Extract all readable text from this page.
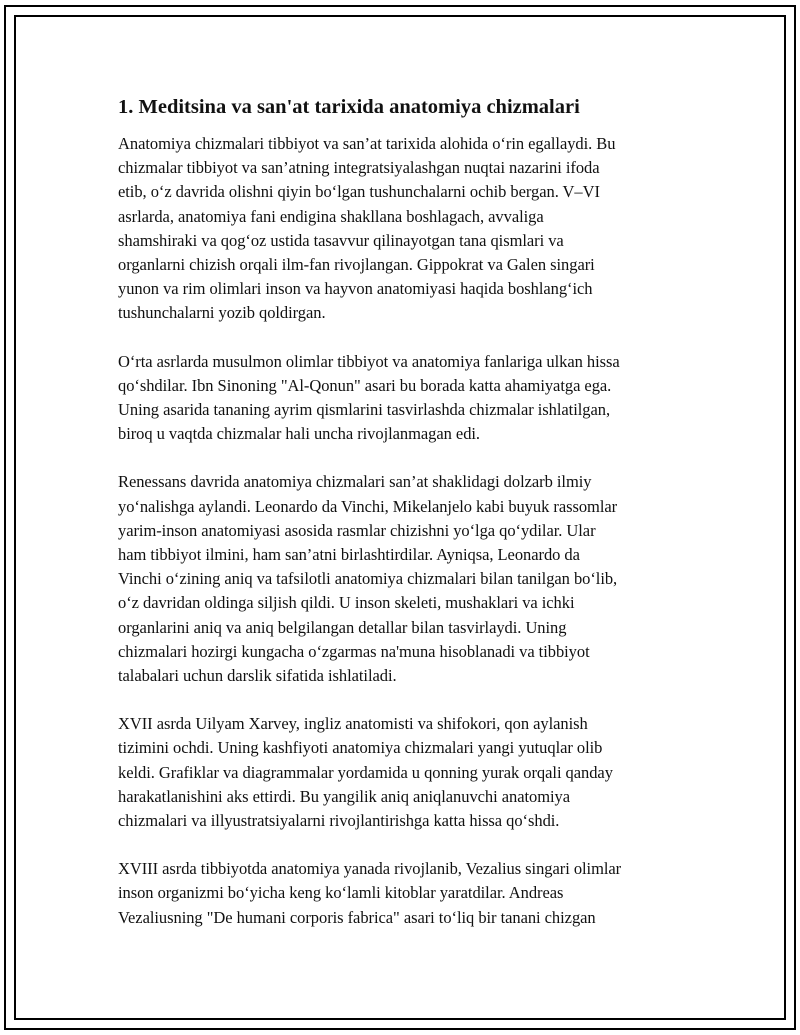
1. Meditsina va san'at tarixida anatomiya chizmalari

Anatomiya chizmalari tibbiyot va san’at tarixida alohida o‘rin egallaydi. Bu
chizmalar tibbiyot va san’atning integratsiyalashgan nuqtai nazarini ifoda
etib, o‘z davrida olishni qiyin bo‘lgan tushunchalarni ochib bergan. V–VI
asrlarda, anatomiya fani endigina shakllana boshlagach, avvaliga
shamshiraki va qog‘oz ustida tasavvur qilinayotgan tana qismlari va
organlarni chizish orqali ilm-fan rivojlangan. Gippokrat va Galen singari
yunon va rim olimlari inson va hayvon anatomiyasi haqida boshlang‘ich
tushunchalarni yozib qoldirgan.

O‘rta asrlarda musulmon olimlar tibbiyot va anatomiya fanlariga ulkan hissa
qo‘shdilar. Ibn Sinoning "Al-Qonun" asari bu borada katta ahamiyatga ega.
Uning asarida tananing ayrim qismlarini tasvirlashda chizmalar ishlatilgan,
biroq u vaqtda chizmalar hali uncha rivojlanmagan edi.

Renessans davrida anatomiya chizmalari san’at shaklidagi dolzarb ilmiy
yo‘nalishga aylandi. Leonardo da Vinchi, Mikelanjelo kabi buyuk rassomlar
yarim-inson anatomiyasi asosida rasmlar chizishni yo‘lga qo‘ydilar. Ular
ham tibbiyot ilmini, ham san’atni birlashtirdilar. Ayniqsa, Leonardo da
Vinchi o‘zining aniq va tafsilotli anatomiya chizmalari bilan tanilgan bo‘lib,
o‘z davridan oldinga siljish qildi. U inson skeleti, mushaklari va ichki
organlarini aniq va aniq belgilangan detallar bilan tasvirlaydi. Uning
chizmalari hozirgi kungacha o‘zgarmas na'muna hisoblanadi va tibbiyot
talabalari uchun darslik sifatida ishlatiladi.

XVII asrda Uilyam Xarvey, ingliz anatomisti va shifokori, qon aylanish
tizimini ochdi. Uning kashfiyoti anatomiya chizmalari yangi yutuqlar olib
keldi. Grafiklar va diagrammalar yordamida u qonning yurak orqali qanday
harakatlanishini aks ettirdi. Bu yangilik aniq aniqlanuvchi anatomiya
chizmalari va illyustratsiyalarni rivojlantirishga katta hissa qo‘shdi.

XVIII asrda tibbiyotda anatomiya yanada rivojlanib, Vezalius singari olimlar
inson organizmi bo‘yicha keng ko‘lamli kitoblar yaratdilar. Andreas
Vezaliusning "De humani corporis fabrica" asari to‘liq bir tanani chizgan
